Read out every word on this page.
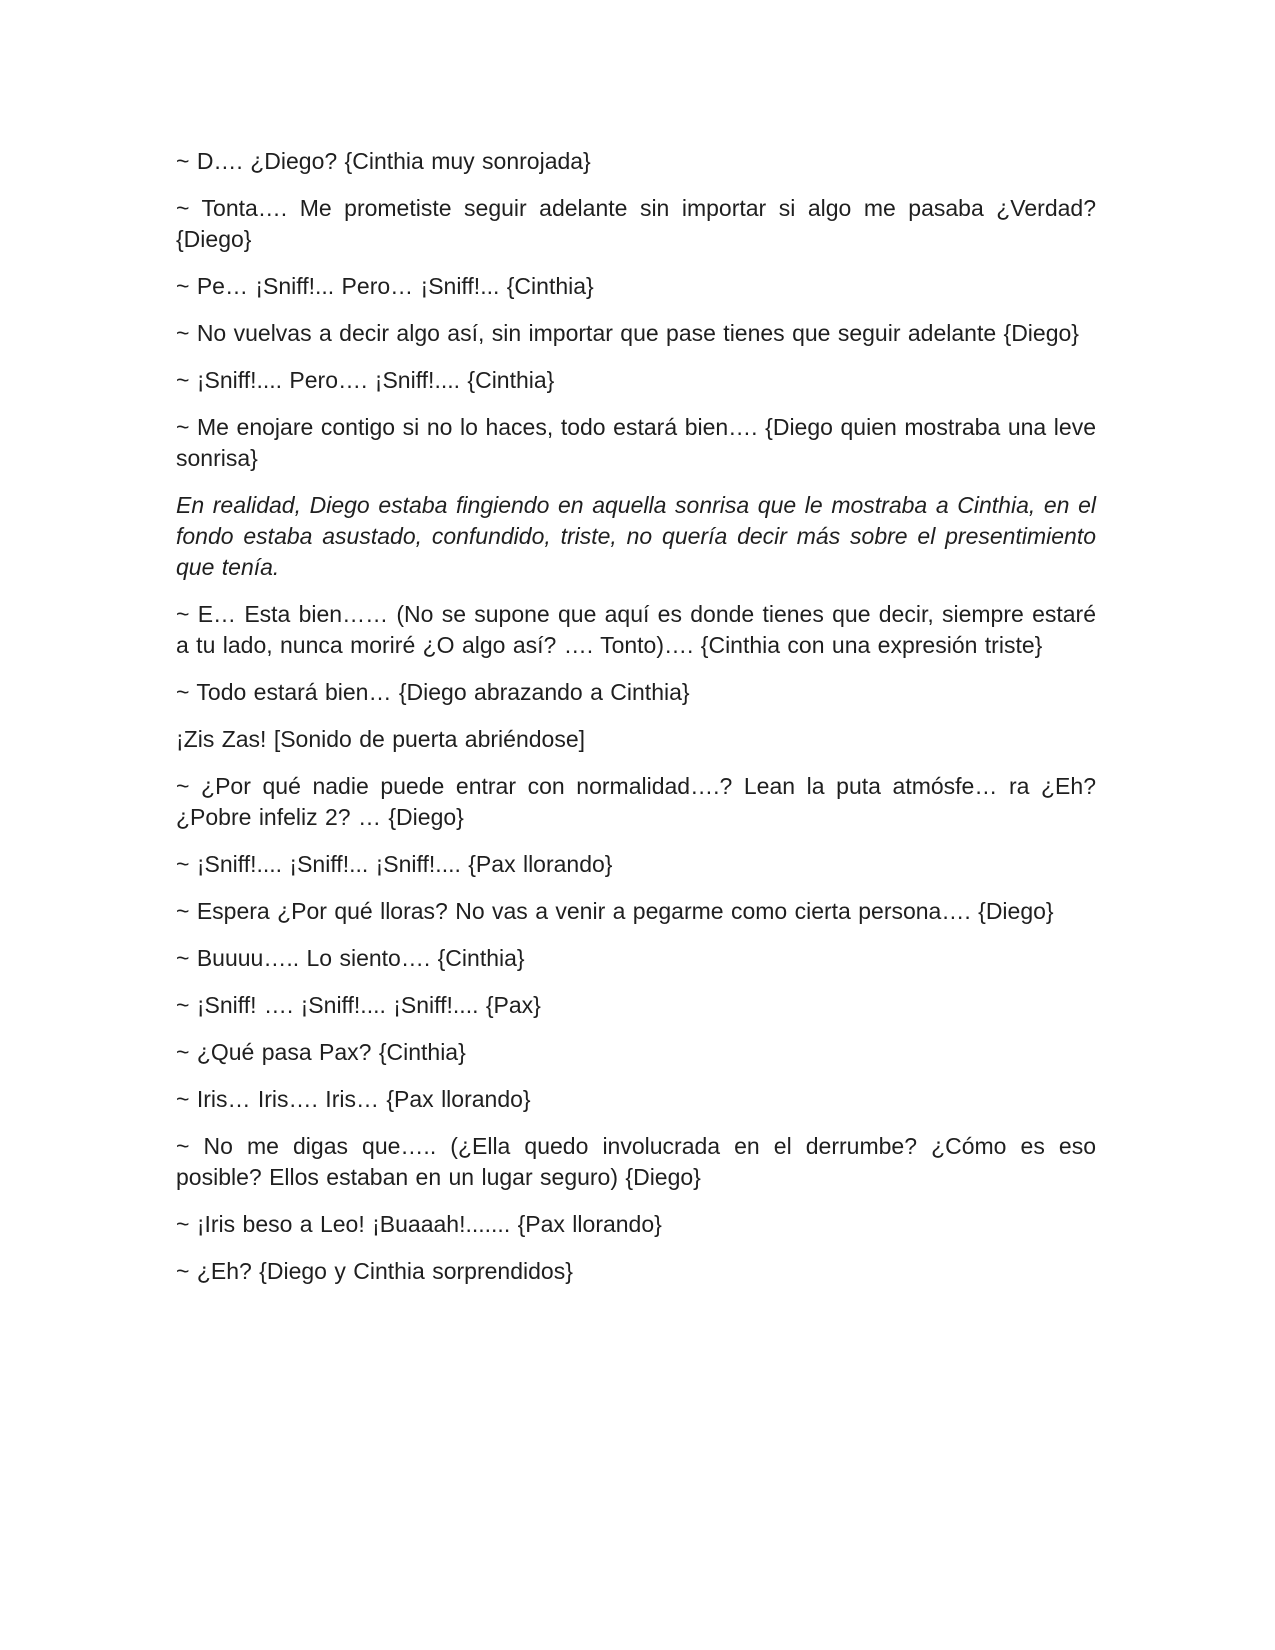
~ D…. ¿Diego? {Cinthia muy sonrojada}

~ Tonta…. Me prometiste seguir adelante sin importar si algo me pasaba ¿Verdad? {Diego}

~ Pe… ¡Sniff!... Pero… ¡Sniff!... {Cinthia}

~ No vuelvas a decir algo así, sin importar que pase tienes que seguir adelante {Diego}

~ ¡Sniff!.... Pero…. ¡Sniff!.... {Cinthia}

~ Me enojare contigo si no lo haces, todo estará bien…. {Diego quien mostraba una leve sonrisa}

En realidad, Diego estaba fingiendo en aquella sonrisa que le mostraba a Cinthia, en el fondo estaba asustado, confundido, triste, no quería decir más sobre el presentimiento que tenía.

~ E… Esta bien…… (No se supone que aquí es donde tienes que decir, siempre estaré a tu lado, nunca moriré ¿O algo así? …. Tonto)…. {Cinthia con una expresión triste}

~ Todo estará bien… {Diego abrazando a Cinthia}

¡Zis Zas! [Sonido de puerta abriéndose]

~ ¿Por qué nadie puede entrar con normalidad….? Lean la puta atmósfe… ra ¿Eh? ¿Pobre infeliz 2? … {Diego}

~ ¡Sniff!.... ¡Sniff!... ¡Sniff!.... {Pax llorando}

~ Espera ¿Por qué lloras? No vas a venir a pegarme como cierta persona…. {Diego}

~ Buuuu….. Lo siento…. {Cinthia}

~ ¡Sniff! …. ¡Sniff!.... ¡Sniff!.... {Pax}

~ ¿Qué pasa Pax? {Cinthia}

~ Iris… Iris…. Iris… {Pax llorando}

~ No me digas que….. (¿Ella quedo involucrada en el derrumbe? ¿Cómo es eso posible? Ellos estaban en un lugar seguro) {Diego}

~ ¡Iris beso a Leo! ¡Buaaah!....... {Pax llorando}

~ ¿Eh? {Diego y Cinthia sorprendidos}
